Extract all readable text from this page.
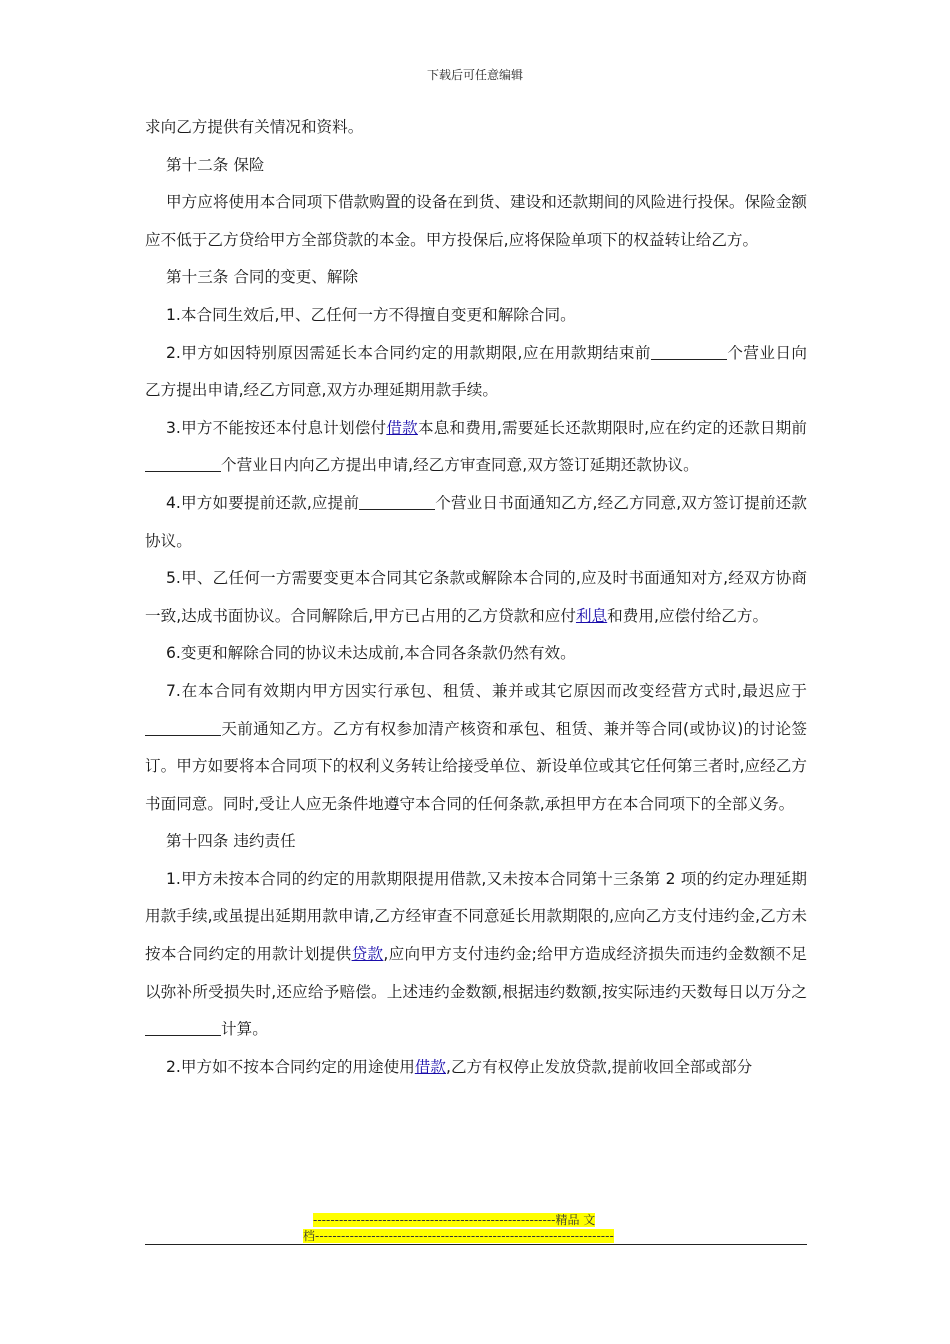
下载后可任意编辑

求向乙方提供有关情况和资料。

第十二条 保险

甲方应将使用本合同项下借款购置的设备在到货、建设和还款期间的风险进行投保。保险金额应不低于乙方贷给甲方全部贷款的本金。甲方投保后,应将保险单项下的权益转让给乙方。

第十三条 合同的变更、解除

1.本合同生效后,甲、乙任何一方不得擅自变更和解除合同。

2.甲方如因特别原因需延长本合同约定的用款期限,应在用款期结束前	个营业日向乙方提出申请,经乙方同意,双方办理延期用款手续。

3.甲方不能按还本付息计划偿付借款本息和费用,需要延长还款期限时,应在约定的还款日期前个营业日内向乙方提出申请,经乙方审查同意,双方签订延期还款协议。

4.甲方如要提前还款,应提前	个营业日书面通知乙方,经乙方同意,双方签订提前还款协议。

5.甲、乙任何一方需要变更本合同其它条款或解除本合同的,应及时书面通知对方,经双方协商一致,达成书面协议。合同解除后,甲方已占用的乙方贷款和应付利息和费用,应偿付给乙方。

6.变更和解除合同的协议未达成前,本合同各条款仍然有效。

7.在本合同有效期内甲方因实行承包、租赁、兼并或其它原因而改变经营方式时,最迟应于天前通知乙方。乙方有权参加清产核资和承包、租赁、兼并等合同(或协议)的讨论签订。甲方如要将本合同项下的权利义务转让给接受单位、新设单位或其它任何第三者时,应经乙方书面同意。同时,受让人应无条件地遵守本合同的任何条款,承担甲方在本合同项下的全部义务。

第十四条 违约责任

1.甲方未按本合同的约定的用款期限提用借款,又未按本合同第十三条第 2 项的约定办理延期用款手续,或虽提出延期用款申请,乙方经审查不同意延长用款期限的,应向乙方支付违约金,乙方未按本合同约定的用款计划提供贷款,应向甲方支付违约金;给甲方造成经济损失而违约金数额不足以弥补所受损失时,还应给予赔偿。上述违约金数额,根据违约数额,按实际违约天数每日以万分之计算。

2.甲方如不按本合同约定的用途使用借款,乙方有权停止发放贷款,提前收回全部或部分

--------------------------------------------------------精品 文
档---------------------------------------------------------------------
